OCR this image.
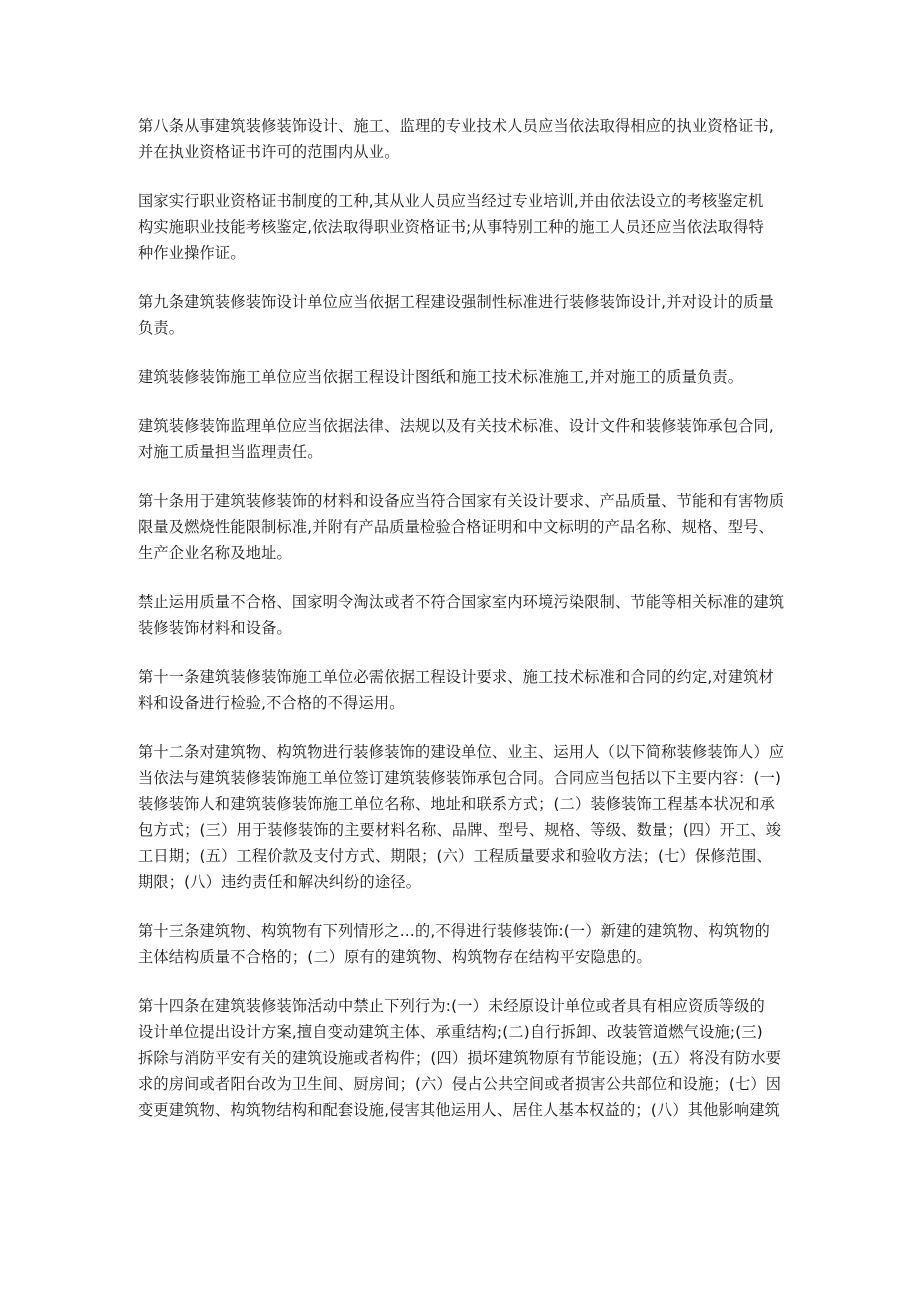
第八条从事建筑装修装饰设计、施工、监理的专业技术人员应当依法取得相应的执业资格证书,
并在执业资格证书许可的范围内从业。

国家实行职业资格证书制度的工种,其从业人员应当经过专业培训,并由依法设立的考核鉴定机
构实施职业技能考核鉴定,依法取得职业资格证书;从事特别工种的施工人员还应当依法取得特
种作业操作证。

第九条建筑装修装饰设计单位应当依据工程建设强制性标准进行装修装饰设计,并对设计的质量
负责。

建筑装修装饰施工单位应当依据工程设计图纸和施工技术标准施工,并对施工的质量负责。

建筑装修装饰监理单位应当依据法律、法规以及有关技术标准、设计文件和装修装饰承包合同,
对施工质量担当监理责任。

第十条用于建筑装修装饰的材料和设备应当符合国家有关设计要求、产品质量、节能和有害物质
限量及燃烧性能限制标准,并附有产品质量检验合格证明和中文标明的产品名称、规格、型号、
生产企业名称及地址。

禁止运用质量不合格、国家明令淘汰或者不符合国家室内环境污染限制、节能等相关标准的建筑
装修装饰材料和设备。

第十一条建筑装修装饰施工单位必需依据工程设计要求、施工技术标准和合同的约定,对建筑材
料和设备进行检验,不合格的不得运用。

第十二条对建筑物、构筑物进行装修装饰的建设单位、业主、运用人（以下简称装修装饰人）应
当依法与建筑装修装饰施工单位签订建筑装修装饰承包合同。合同应当包括以下主要内容：(一)
装修装饰人和建筑装修装饰施工单位名称、地址和联系方式；(二）装修装饰工程基本状况和承
包方式；(三）用于装修装饰的主要材料名称、品牌、型号、规格、等级、数量；(四）开工、竣
工日期；(五）工程价款及支付方式、期限；(六）工程质量要求和验收方法；(七）保修范围、
期限；(八）违约责任和解决纠纷的途径。

第十三条建筑物、构筑物有下列情形之…的,不得进行装修装饰:(一）新建的建筑物、构筑物的
主体结构质量不合格的；(二）原有的建筑物、构筑物存在结构平安隐患的。

第十四条在建筑装修装饰活动中禁止下列行为:(一）未经原设计单位或者具有相应资质等级的
设计单位提出设计方案,擅自变动建筑主体、承重结构;(二)自行拆卸、改装管道燃气设施;(三)
拆除与消防平安有关的建筑设施或者构件；(四）损坏建筑物原有节能设施；(五）将没有防水要
求的房间或者阳台改为卫生间、厨房间；(六）侵占公共空间或者损害公共部位和设施；(七）因
变更建筑物、构筑物结构和配套设施,侵害其他运用人、居住人基本权益的；(八）其他影响建筑
